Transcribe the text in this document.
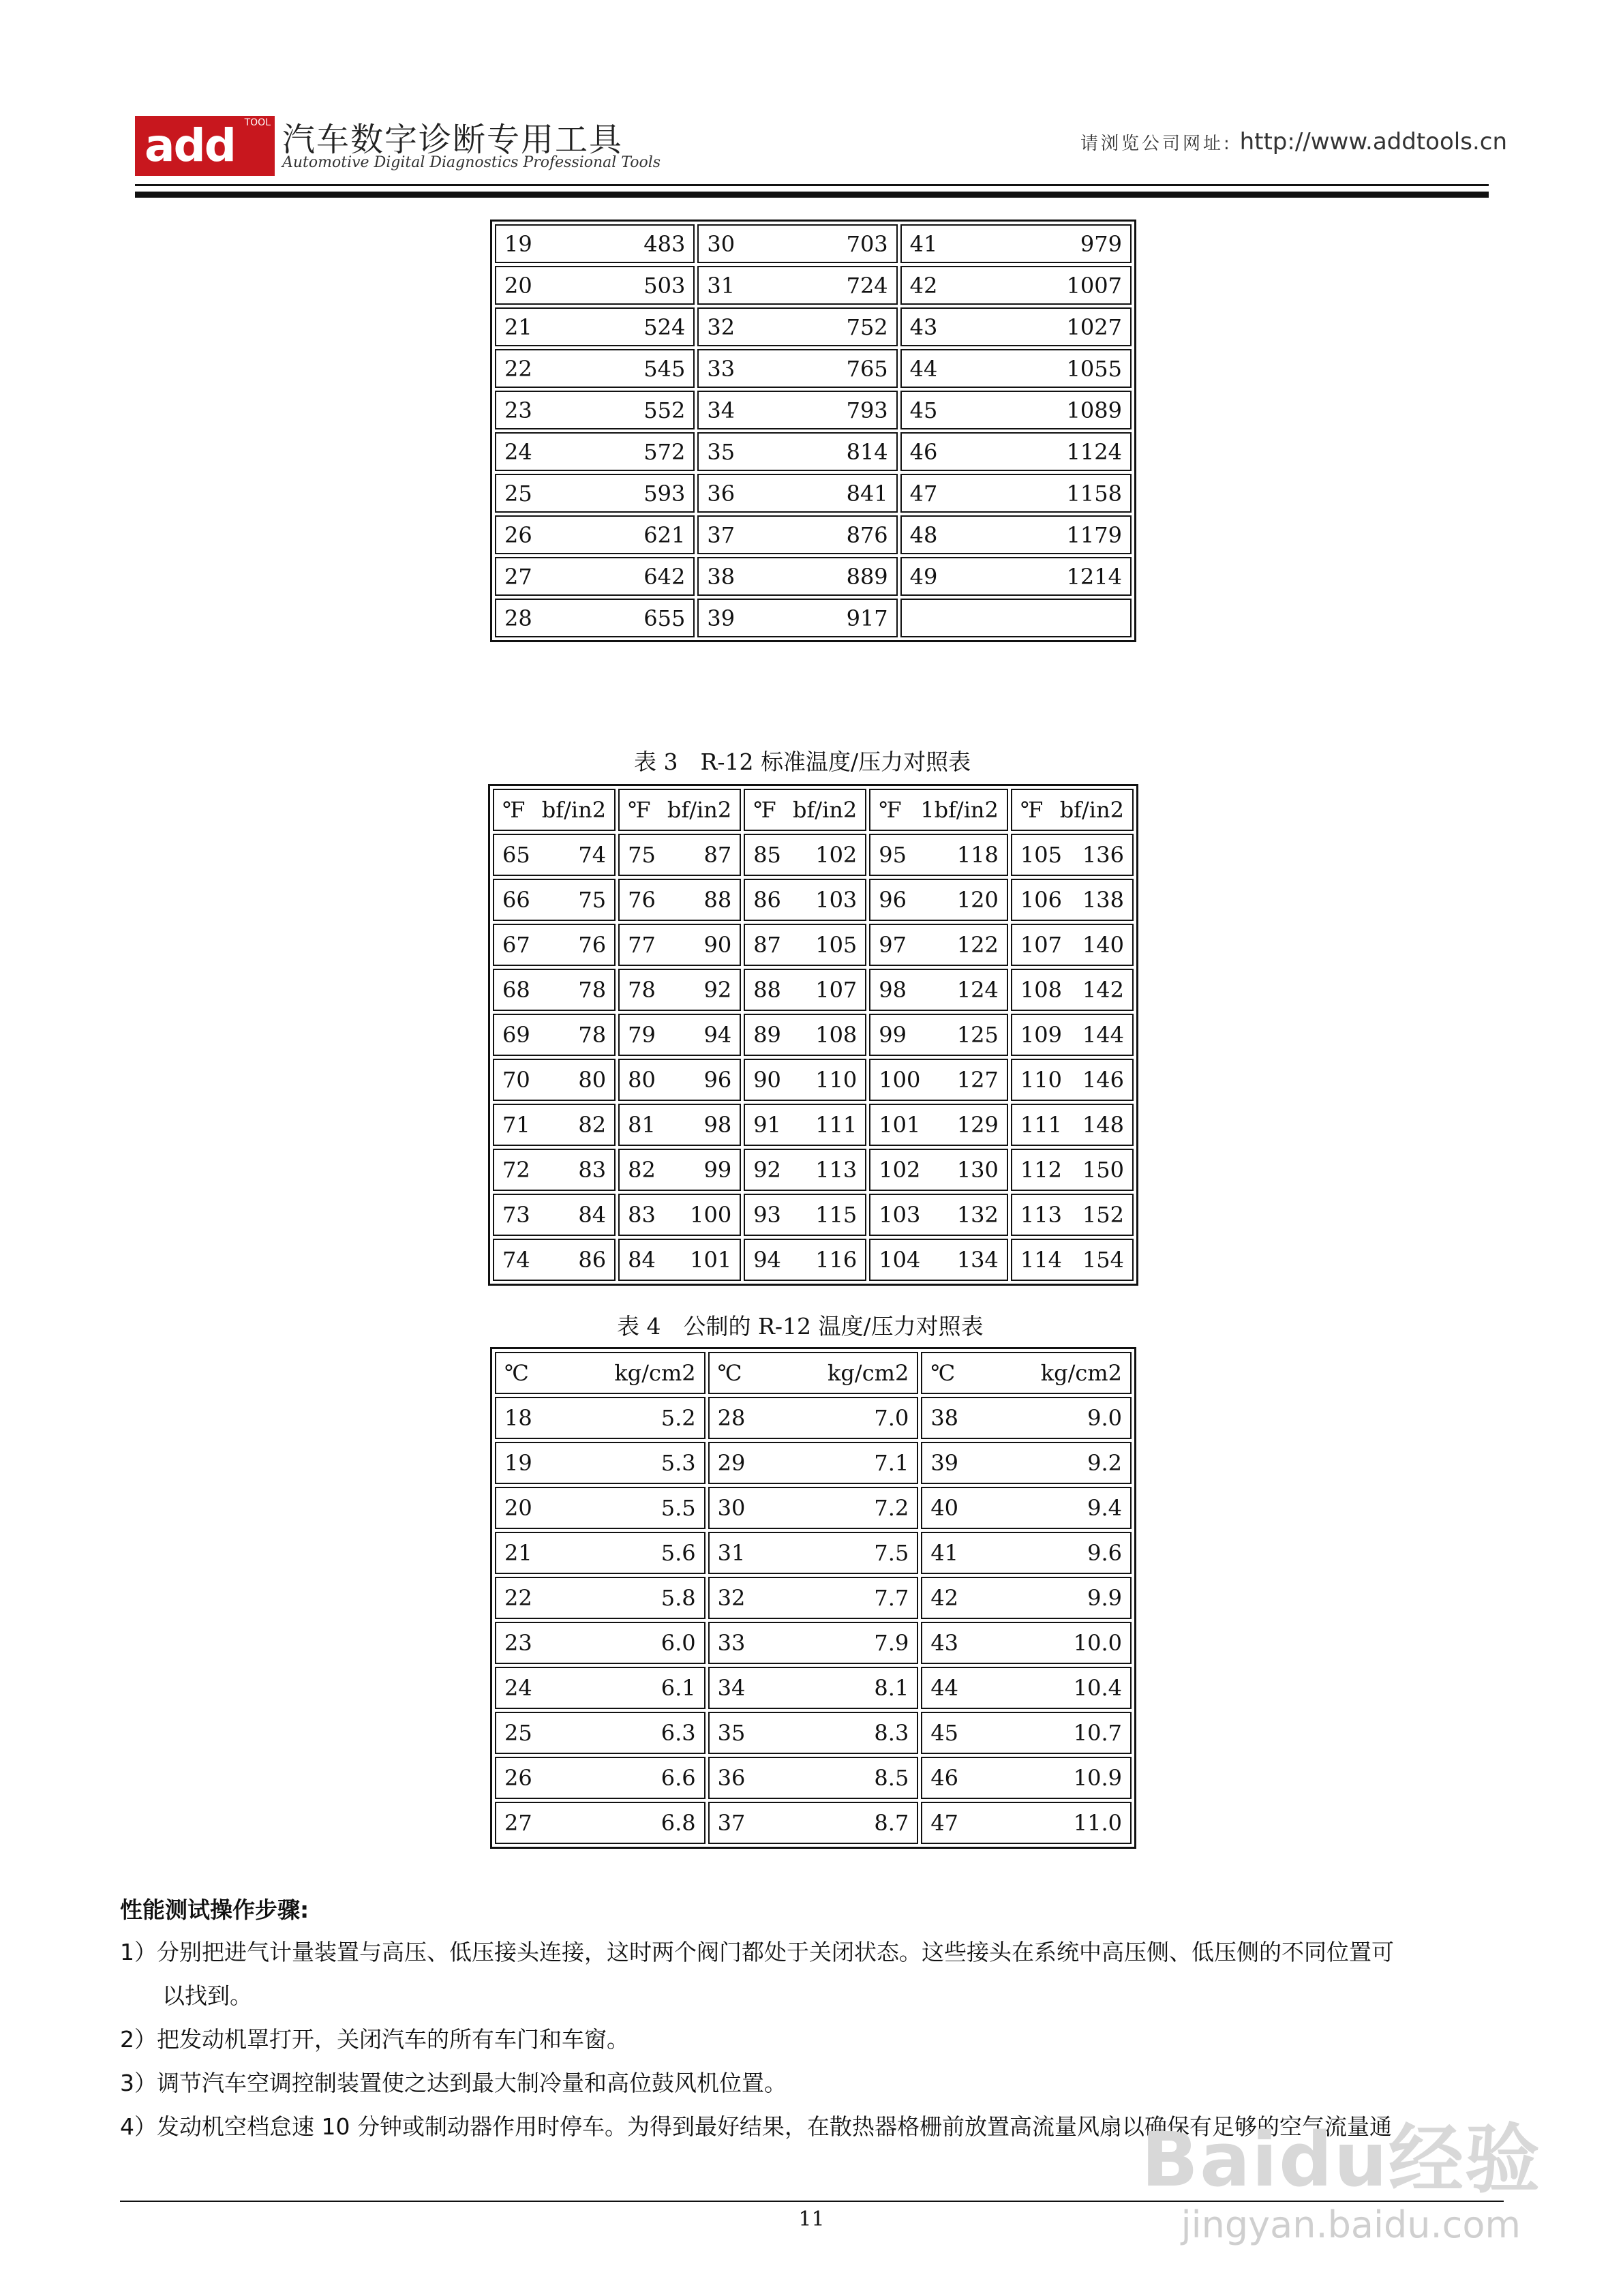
add TOOL 汽车数字诊断专用工具
Automotive Digital Diagnostics Professional Tools
请浏览公司网址: http://www.addtools.cn
19 483	30 703	41 979

20 503	31 724	42 1007

21 524	32 752	43 1027

22 545	33 765	44 1055

23 552	34 793	45 1089

24 572	35 814	46 1124

25 593	36 841	47 1158

26 621	37 876	48 1179

27 642	38 889	49 1214

28 655	39 917	

表 3　R-12 标准温度/压力对照表
℉ bf/in2	℉ bf/in2	℉ bf/in2	℉ 1bf/in2	℉ bf/in2

65 74	75 87	85 102	95 118	105 136

66 75	76 88	86 103	96 120	106 138

67 76	77 90	87 105	97 122	107 140

68 78	78 92	88 107	98 124	108 142

69 78	79 94	89 108	99 125	109 144

70 80	80 96	90 110	100 127	110 146

71 82	81 98	91 111	101 129	111 148

72 83	82 99	92 113	102 130	112 150

73 84	83 100	93 115	103 132	113 152

74 86	84 101	94 116	104 134	114 154
表 4　公制的 R-12 温度/压力对照表
℃ kg/cm2	℃ kg/cm2	℃ kg/cm2

18 5.2	28 7.0	38 9.0

19 5.3	29 7.1	39 9.2

20 5.5	30 7.2	40 9.4

21 5.6	31 7.5	41 9.6

22 5.8	32 7.7	42 9.9

23 6.0	33 7.9	43 10.0

24 6.1	34 8.1	44 10.4

25 6.3	35 8.3	45 10.7

26 6.6	36 8.5	46 10.9

27 6.8	37 8.7	47 11.0
性能测试操作步骤:
1）分别把进气计量装置与高压、低压接头连接，这时两个阀门都处于关闭状态。这些接头在系统中高压侧、低压侧的不同位置可
以找到。
2）把发动机罩打开，关闭汽车的所有车门和车窗。
3）调节汽车空调控制装置使之达到最大制冷量和高位鼓风机位置。
4）发动机空档怠速 10 分钟或制动器作用时停车。为得到最好结果，在散热器格栅前放置高流量风扇以确保有足够的空气流量通
11
Baidu经验
jingyan.baidu.com
